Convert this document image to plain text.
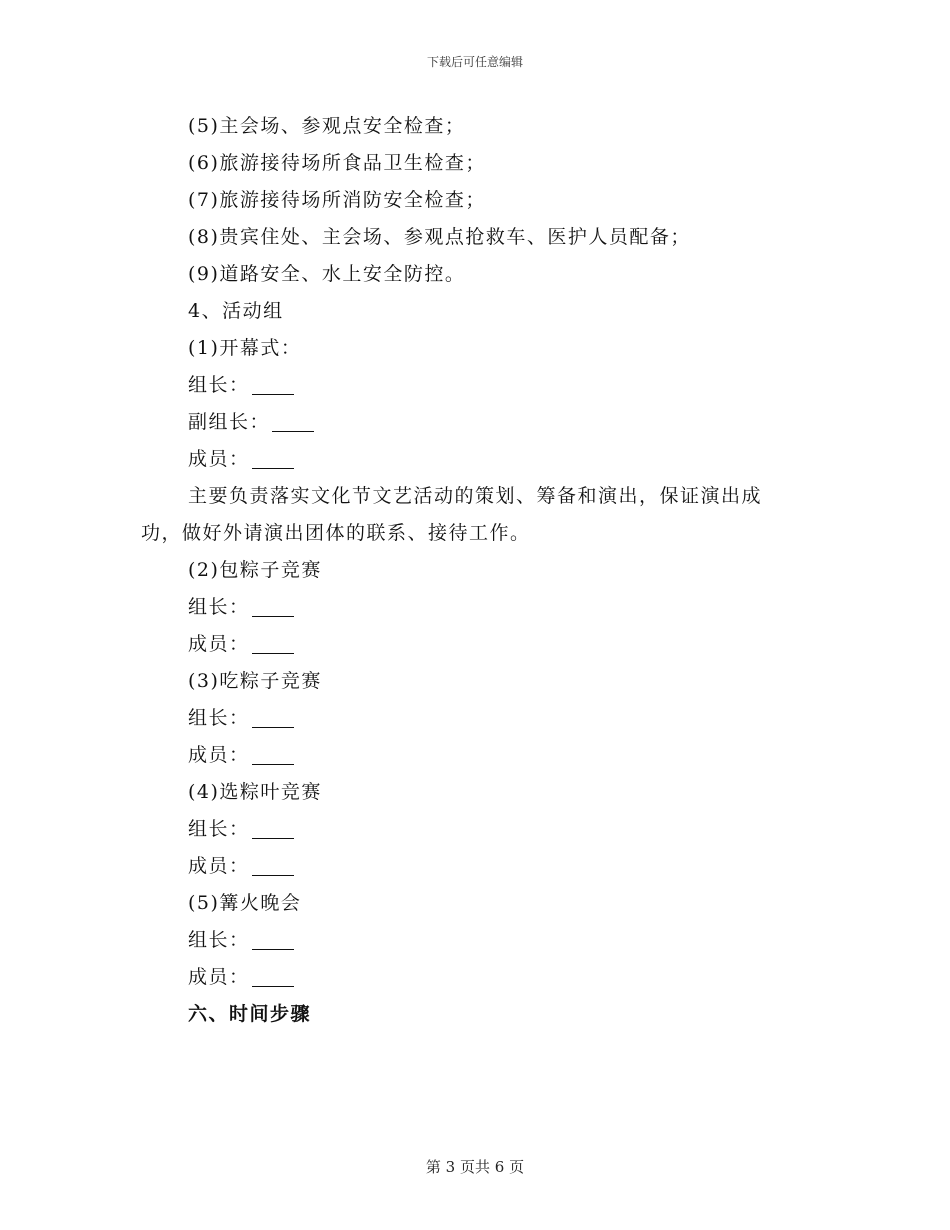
下载后可任意编辑
(5)主会场、参观点安全检查；
(6)旅游接待场所食品卫生检查；
(7)旅游接待场所消防安全检查；
(8)贵宾住处、主会场、参观点抢救车、医护人员配备；
(9)道路安全、水上安全防控。
4、活动组
(1)开幕式：
组长：
副组长：
成员：
主要负责落实文化节文艺活动的策划、筹备和演出，保证演出成
功，做好外请演出团体的联系、接待工作。
(2)包粽子竞赛
组长：
成员：
(3)吃粽子竞赛
组长：
成员：
(4)选粽叶竞赛
组长：
成员：
(5)篝火晚会
组长：
成员：
六、时间步骤
第 3 页共 6 页
